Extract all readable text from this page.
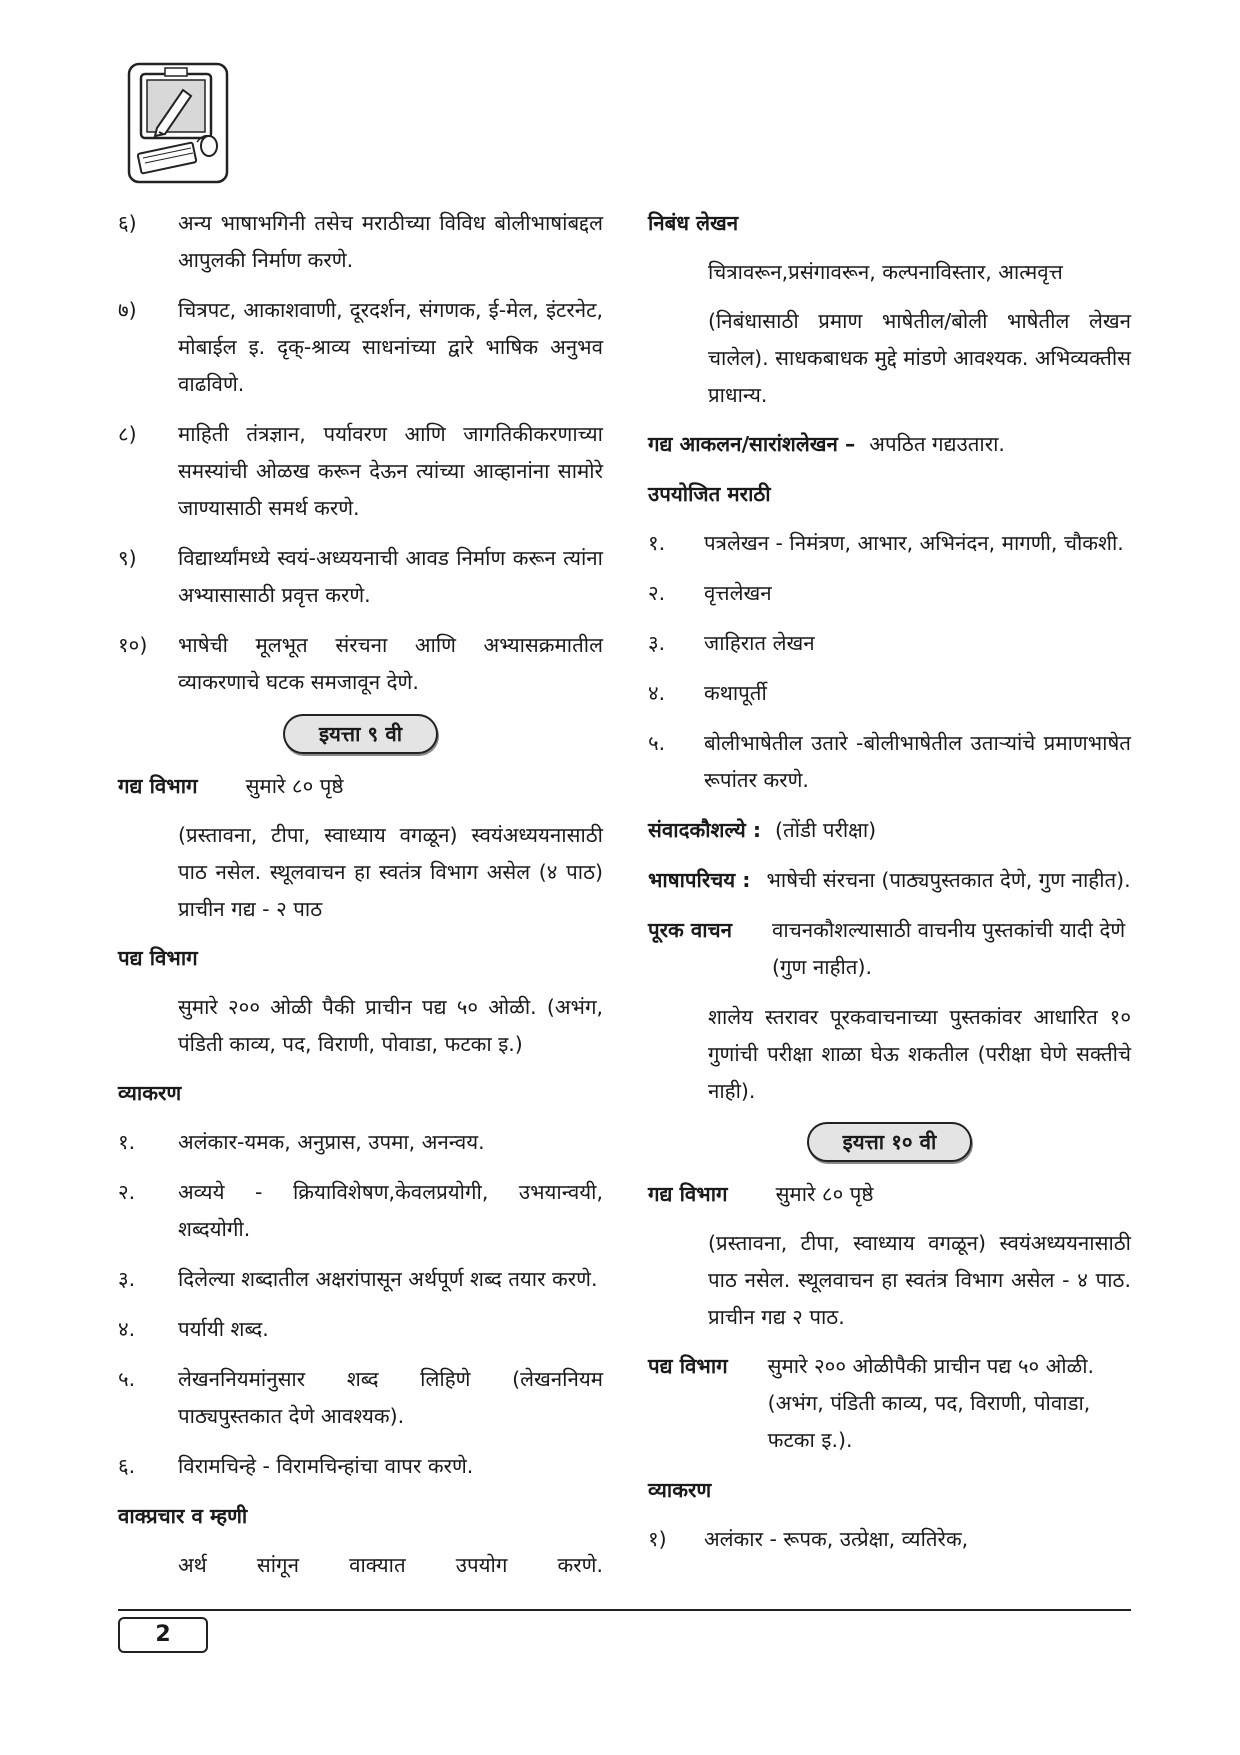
६)	अन्य भाषाभगिनी तसेच मराठीच्या विविध बोलीभाषांबद्दल आपुलकी निर्माण करणे.
७)	चित्रपट, आकाशवाणी, दूरदर्शन, संगणक, ई-मेल, इंटरनेट, मोबाईल इ. दृक्-श्राव्य साधनांच्या द्वारे भाषिक अनुभव वाढविणे.
८)	माहिती तंत्रज्ञान, पर्यावरण आणि जागतिकीकरणाच्या समस्यांची ओळख करून देऊन त्यांच्या आव्हानांना सामोरे जाण्यासाठी समर्थ करणे.
९)	विद्यार्थ्यांमध्ये स्वयं-अध्ययनाची आवड निर्माण करून त्यांना अभ्यासासाठी प्रवृत्त करणे.
१०)	भाषेची मूलभूत संरचना आणि अभ्यासक्रमातील व्याकरणाचे घटक समजावून देणे.
इयत्ता ९ वी
गद्य विभाग सुमारे ८० पृष्ठे
(प्रस्तावना, टीपा, स्वाध्याय वगळून) स्वयंअध्ययनासाठी पाठ नसेल. स्थूलवाचन हा स्वतंत्र विभाग असेल (४ पाठ) प्राचीन गद्य - २ पाठ
पद्य विभाग
सुमारे २०० ओळी पैकी प्राचीन पद्य ५० ओळी. (अभंग, पंडिती काव्य, पद, विराणी, पोवाडा, फटका इ.)
व्याकरण
१.	अलंकार-यमक, अनुप्रास, उपमा, अनन्वय.
२.	अव्यये - क्रियाविशेषण,केवलप्रयोगी, उभयान्वयी, शब्दयोगी.
३.	दिलेल्या शब्दातील अक्षरांपासून अर्थपूर्ण शब्द तयार करणे.
४.	पर्यायी शब्द.
५.	लेखननियमांनुसार शब्द लिहिणे (लेखननियम पाठ्यपुस्तकात देणे आवश्यक).
६.	विरामचिन्हे - विरामचिन्हांचा वापर करणे.
वाक्प्रचार व म्हणी
अर्थ सांगून वाक्यात उपयोग करणे.
निबंध लेखन
चित्रावरून,प्रसंगावरून, कल्पनाविस्तार, आत्मवृत्त
(निबंधासाठी प्रमाण भाषेतील/बोली भाषेतील लेखन चालेल). साधकबाधक मुद्दे मांडणे आवश्यक. अभिव्यक्तीस प्राधान्य.
गद्य आकलन/सारांशलेखन – अपठित गद्यउतारा.
उपयोजित मराठी
१.	पत्रलेखन - निमंत्रण, आभार, अभिनंदन, मागणी, चौकशी.
२.	वृत्तलेखन
३.	जाहिरात लेखन
४.	कथापूर्ती
५.	बोलीभाषेतील उतारे -बोलीभाषेतील उताऱ्यांचे प्रमाणभाषेत रूपांतर करणे.
संवादकौशल्ये : (तोंडी परीक्षा)
भाषापरिचय : भाषेची संरचना (पाठ्यपुस्तकात देणे, गुण नाहीत).
पूरक वाचन वाचनकौशल्यासाठी वाचनीय पुस्तकांची यादी देणे (गुण नाहीत).
शालेय स्तरावर पूरकवाचनाच्या पुस्तकांवर आधारित १० गुणांची परीक्षा शाळा घेऊ शकतील (परीक्षा घेणे सक्तीचे नाही).
इयत्ता १० वी
गद्य विभाग सुमारे ८० पृष्ठे
(प्रस्तावना, टीपा, स्वाध्याय वगळून) स्वयंअध्ययनासाठी पाठ नसेल. स्थूलवाचन हा स्वतंत्र विभाग असेल - ४ पाठ. प्राचीन गद्य २ पाठ.
पद्य विभाग सुमारे २०० ओळीपैकी प्राचीन पद्य ५० ओळी. (अभंग, पंडिती काव्य, पद, विराणी, पोवाडा, फटका इ.).
व्याकरण
१)	अलंकार - रूपक, उत्प्रेक्षा, व्यतिरेक,
2
